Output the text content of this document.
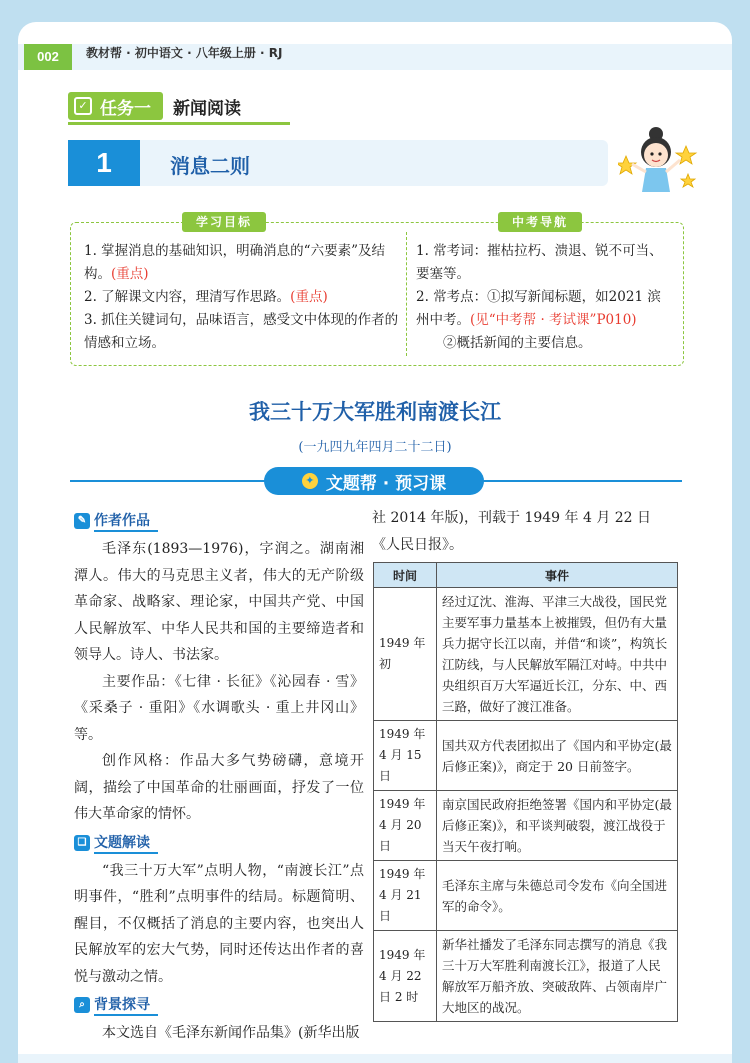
002	教材帮 · 初中语文 · 八年级上册 · RJ
✓ 任务一 新闻阅读
1	消息二则
学习目标	中考导航

1. 掌握消息的基础知识，明确消息的“六要素”及结构。(重点)

2. 了解课文内容，理清写作思路。(重点)

3. 抓住关键词句，品味语言，感受文中体现的作者的情感和立场。

1. 常考词：摧枯拉朽、溃退、锐不可当、要塞等。

2. 常考点：①拟写新闻标题，如2021 滨州中考。(见“中考帮 · 考试课”P010)

②概括新闻的主要信息。

我三十万大军胜利南渡长江
(一九四九年四月二十二日)
✦ 文题帮 · 预习课
✎ 作者作品

毛泽东(1893—1976)，字润之。湖南湘潭人。伟大的马克思主义者，伟大的无产阶级革命家、战略家、理论家，中国共产党、中国人民解放军、中华人民共和国的主要缔造者和领导人。诗人、书法家。

主要作品：《七律 · 长征》《沁园春 · 雪》《采桑子 · 重阳》《水调歌头 · 重上井冈山》等。

创作风格：作品大多气势磅礴，意境开阔，描绘了中国革命的壮丽画面，抒发了一位伟大革命家的情怀。

❏ 文题解读

“我三十万大军”点明人物，“南渡长江”点明事件，“胜利”点明事件的结局。标题简明、醒目，不仅概括了消息的主要内容，也突出人民解放军的宏大气势，同时还传达出作者的喜悦与激动之情。

⌕ 背景探寻

本文选自《毛泽东新闻作品集》(新华出版

社 2014 年版)，刊载于 1949 年 4 月 22 日《人民日报》。

时间	事件
1949 年初	经过辽沈、淮海、平津三大战役，国民党主要军事力量基本上被摧毁，但仍有大量兵力据守长江以南，并借“和谈”，构筑长江防线，与人民解放军隔江对峙。中共中央组织百万大军逼近长江，分东、中、西三路，做好了渡江准备。
1949 年 4 月 15 日	国共双方代表团拟出了《国内和平协定(最后修正案)》，商定于 20 日前签字。
1949 年 4 月 20 日	南京国民政府拒绝签署《国内和平协定(最后修正案)》，和平谈判破裂，渡江战役于当天午夜打响。
1949 年 4 月 21 日	毛泽东主席与朱德总司令发布《向全国进军的命令》。
1949 年 4 月 22 日 2 时	新华社播发了毛泽东同志撰写的消息《我三十万大军胜利南渡长江》，报道了人民解放军万船齐放、突破敌阵、占领南岸广大地区的战况。
